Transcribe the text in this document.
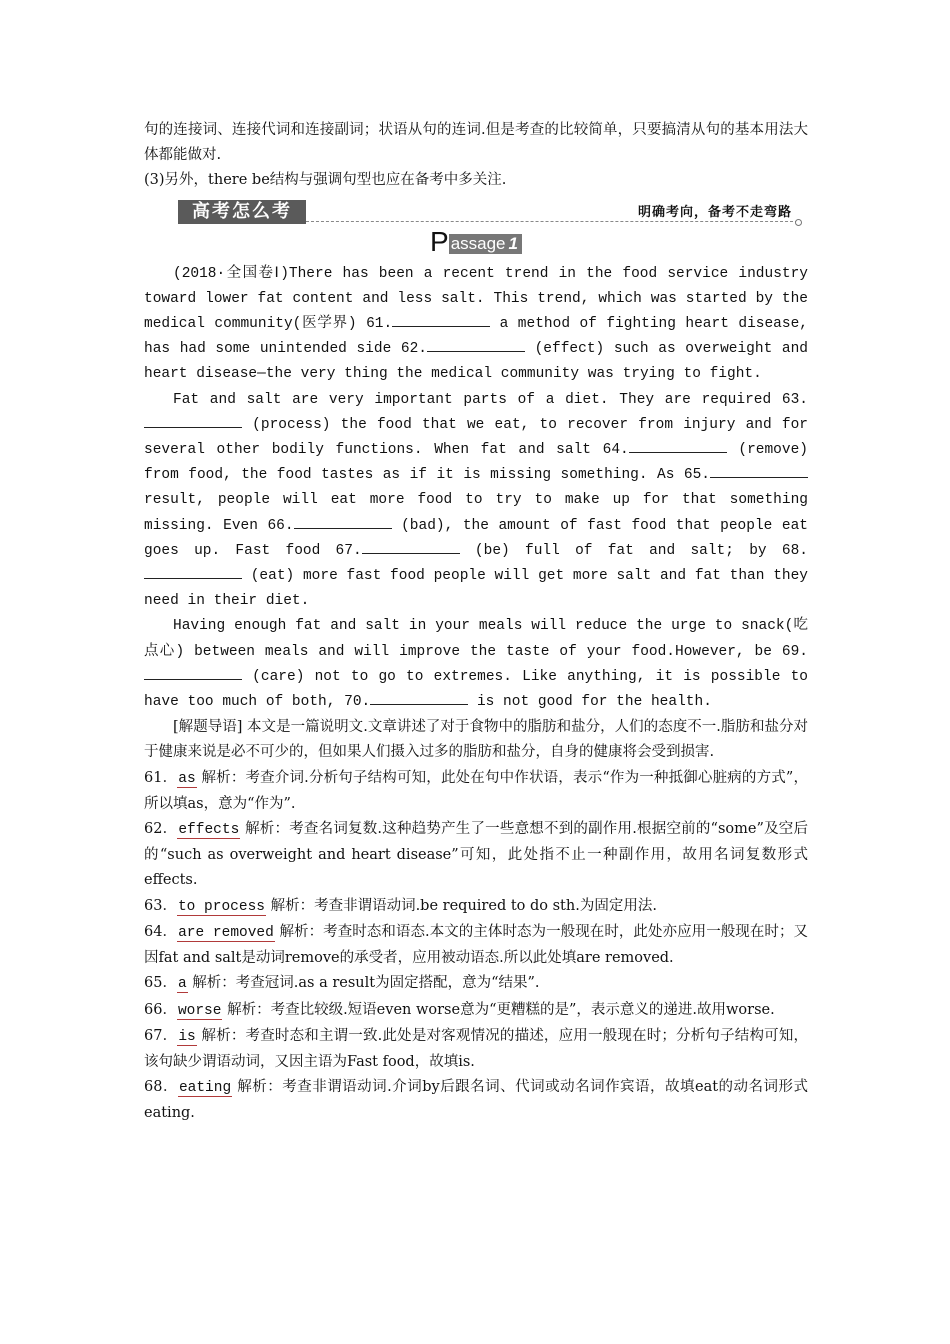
句的连接词、连接代词和连接副词；状语从句的连词.但是考查的比较简单，只要搞清从句的基本用法大体都能做对.

(3)另外，there be结构与强调句型也应在备考中多关注.

高考怎么考	明确考向，备考不走弯路
P assage 1

(2018·全国卷Ⅰ)There has been a recent trend in the food service industry toward lower fat content and less salt. This trend, which was started by the medical community(医学界) 61.	a method of fighting heart disease, has had some unintended side 62.	(effect) such as overweight and heart disease—the very thing the medical community was trying to fight.

Fat and salt are very important parts of a diet. They are required 63. (process) the food that we eat, to recover from injury and for several other bodily functions. When fat and salt 64.	(remove) from food, the food tastes as if it is missing something. As 65. result, people will eat more food to try to make up for that something missing. Even 66.	(bad), the amount of fast food that people eat goes up. Fast food 67.	(be) full of fat and salt; by 68. (eat) more fast food people will get more salt and fat than they need in their diet.

Having enough fat and salt in your meals will reduce the urge to snack(吃点心) between meals and will improve the taste of your food.However, be 69. (care) not to go to extremes. Like anything, it is possible to have too much of both, 70.	is not good for the health.

[解题导语] 本文是一篇说明文.文章讲述了对于食物中的脂肪和盐分，人们的态度不一.脂肪和盐分对于健康来说是必不可少的，但如果人们摄入过多的脂肪和盐分，自身的健康将会受到损害.

61．as 解析：考查介词.分析句子结构可知，此处在句中作状语，表示“作为一种抵御心脏病的方式”，所以填as，意为“作为”.

62．effects 解析：考查名词复数.这种趋势产生了一些意想不到的副作用.根据空前的“some”及空后的“such as overweight and heart disease”可知，此处指不止一种副作用，故用名词复数形式effects.

63．to process 解析：考查非谓语动词.be required to do sth.为固定用法.

64．are removed 解析：考查时态和语态.本文的主体时态为一般现在时，此处亦应用一般现在时；又因fat and salt是动词remove的承受者，应用被动语态.所以此处填are removed.

65．a 解析：考查冠词.as a result为固定搭配，意为“结果”.

66．worse 解析：考查比较级.短语even worse意为“更糟糕的是”，表示意义的递进.故用worse.

67．is 解析：考查时态和主谓一致.此处是对客观情况的描述，应用一般现在时；分析句子结构可知，该句缺少谓语动词，又因主语为Fast food，故填is.

68．eating 解析：考查非谓语动词.介词by后跟名词、代词或动名词作宾语，故填eat的动名词形式eating.
